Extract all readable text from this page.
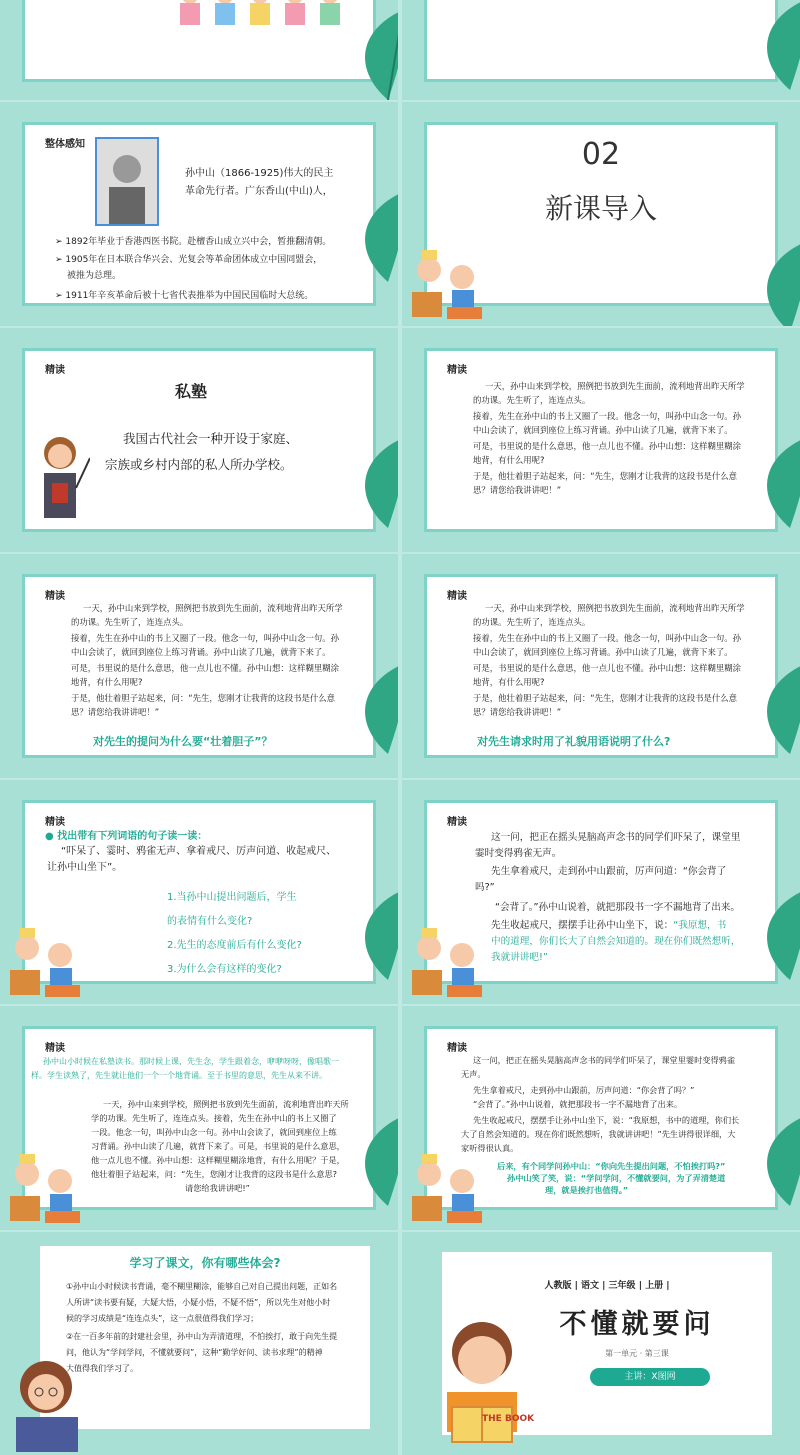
整体感知
孙中山（1866-1925)伟大的民主
革命先行者。广东香山(中山)人，
➢ 1892年毕业于香港西医书院。赴檀香山成立兴中会，暂推翻清朝。
➢ 1905年在日本联合华兴会、光复会等革命团体成立中国同盟会，
被推为总理。
➢ 1911年辛亥革命后被十七省代表推举为中国民国临时大总统。
02
新课导入
精读
私塾
我国古代社会一种开设于家庭、
宗族或乡村内部的私人所办学校。
精读
一天，孙中山来到学校，照例把书放到先生面前，流利地背出昨天所学
的功课。先生听了，连连点头。
接着，先生在孙中山的书上又圈了一段。他念一句，叫孙中山念一句。孙
中山会读了，就回到座位上练习背诵。孙中山读了几遍，就背下来了。
可是，书里说的是什么意思，他一点儿也不懂。孙中山想：这样糊里糊涂
地背，有什么用呢?
于是，他壮着胆子站起来，问：“先生，您刚才让我背的这段书是什么意
思？请您给我讲讲吧！”
精读
一天，孙中山来到学校，照例把书放到先生面前，流利地背出昨天所学
的功课。先生听了，连连点头。
接着，先生在孙中山的书上又圈了一段。他念一句，叫孙中山念一句。孙
中山会读了，就回到座位上练习背诵。孙中山读了几遍，就背下来了。
可是，书里说的是什么意思，他一点儿也不懂。孙中山想：这样糊里糊涂
地背，有什么用呢?
于是，他壮着胆子站起来，问：“先生，您刚才让我背的这段书是什么意
思？请您给我讲讲吧！”
对先生的提问为什么要“壮着胆子”？
精读
一天，孙中山来到学校，照例把书放到先生面前，流利地背出昨天所学
的功课。先生听了，连连点头。
接着，先生在孙中山的书上又圈了一段。他念一句，叫孙中山念一句。孙
中山会读了，就回到座位上练习背诵。孙中山读了几遍，就背下来了。
可是，书里说的是什么意思，他一点儿也不懂。孙中山想：这样糊里糊涂
地背，有什么用呢?
于是，他壮着胆子站起来，问：“先生，您刚才让我背的这段书是什么意
思？请您给我讲讲吧！”
对先生请求时用了礼貌用语说明了什么?
精读
● 找出带有下列词语的句子读一读：
“吓呆了、霎时、鸦雀无声、拿着戒尺、厉声问道、收起戒尺、
让孙中山坐下”。
1.当孙中山提出问题后，学生
的表情有什么变化?
2.先生的态度前后有什么变化?
3.为什么会有这样的变化?
精读
这一问，把正在摇头晃脑高声念书的同学们吓呆了，课堂里
霎时变得鸦雀无声。
先生拿着戒尺，走到孙中山跟前，厉声问道：“你会背了
吗?”
“会背了。”孙中山说着，就把那段书一字不漏地背了出来。
先生收起戒尺，摆摆手让孙中山坐下，说：“我原想，书
中的道理，你们长大了自然会知道的。现在你们既然想听，
我就讲讲吧!”
精读
孙中山小时候在私塾读书。那时候上课，先生念，学生跟着念，咿咿呀呀，像唱歌一
样。学生读熟了，先生就让他们一个一个地背诵。至于书里的意思，先生从来不讲。
一天，孙中山来到学校，照例把书放到先生面前，流利地背出昨天所
学的功课。先生听了，连连点头。接着，先生在孙中山的书上又圈了
一段。他念一句，叫孙中山念一句。孙中山会读了，就回到座位上练
习背诵。孙中山读了几遍，就背下来了。可是，书里说的是什么意思，
他一点儿也不懂。孙中山想：这样糊里糊涂地背，有什么用呢？于是，
他壮着胆子站起来，问：“先生，您刚才让我背的这段书是什么意思?
请您给我讲讲吧!”
精读
这一问，把正在摇头晃脑高声念书的同学们吓呆了，课堂里霎时变得鸦雀
无声。
先生拿着戒尺，走到孙中山跟前，厉声问道：“你会背了吗？”
“会背了。”孙中山说着，就把那段书一字不漏地背了出来。
先生收起戒尺，摆摆手让孙中山坐下，说：“我原想，书中的道理，你们长
大了自然会知道的。现在你们既然想听，我就讲讲吧！”先生讲得很详细，大
家听得很认真。
后来，有个同学问孙中山：“你向先生提出问题，不怕挨打吗?”
孙中山笑了笑，说：“学问学问，不懂就要问，为了弄清楚道
理，就是挨打也值得。”
学习了课文，你有哪些体会?
①孙中山小时候读书背诵，毫不糊里糊涂，能够自己对自己提出问题，正如名
人所讲“读书要有疑，大疑大悟，小疑小悟，不疑不悟”，所以先生对他小时
候的学习成绩是“连连点头”，这一点很值得我们学习；
②在一百多年前的封建社会里，孙中山为弄清道理，不怕挨打，敢于向先生提
问，他认为“学问学问，不懂就要问”，这种“勤学好问、读书求理”的精神
大值得我们学习了。
人教版 | 语文 | 三年级 | 上册 |
不懂就要问
第一单元 · 第三课
主讲：X图网
THE BOOK
